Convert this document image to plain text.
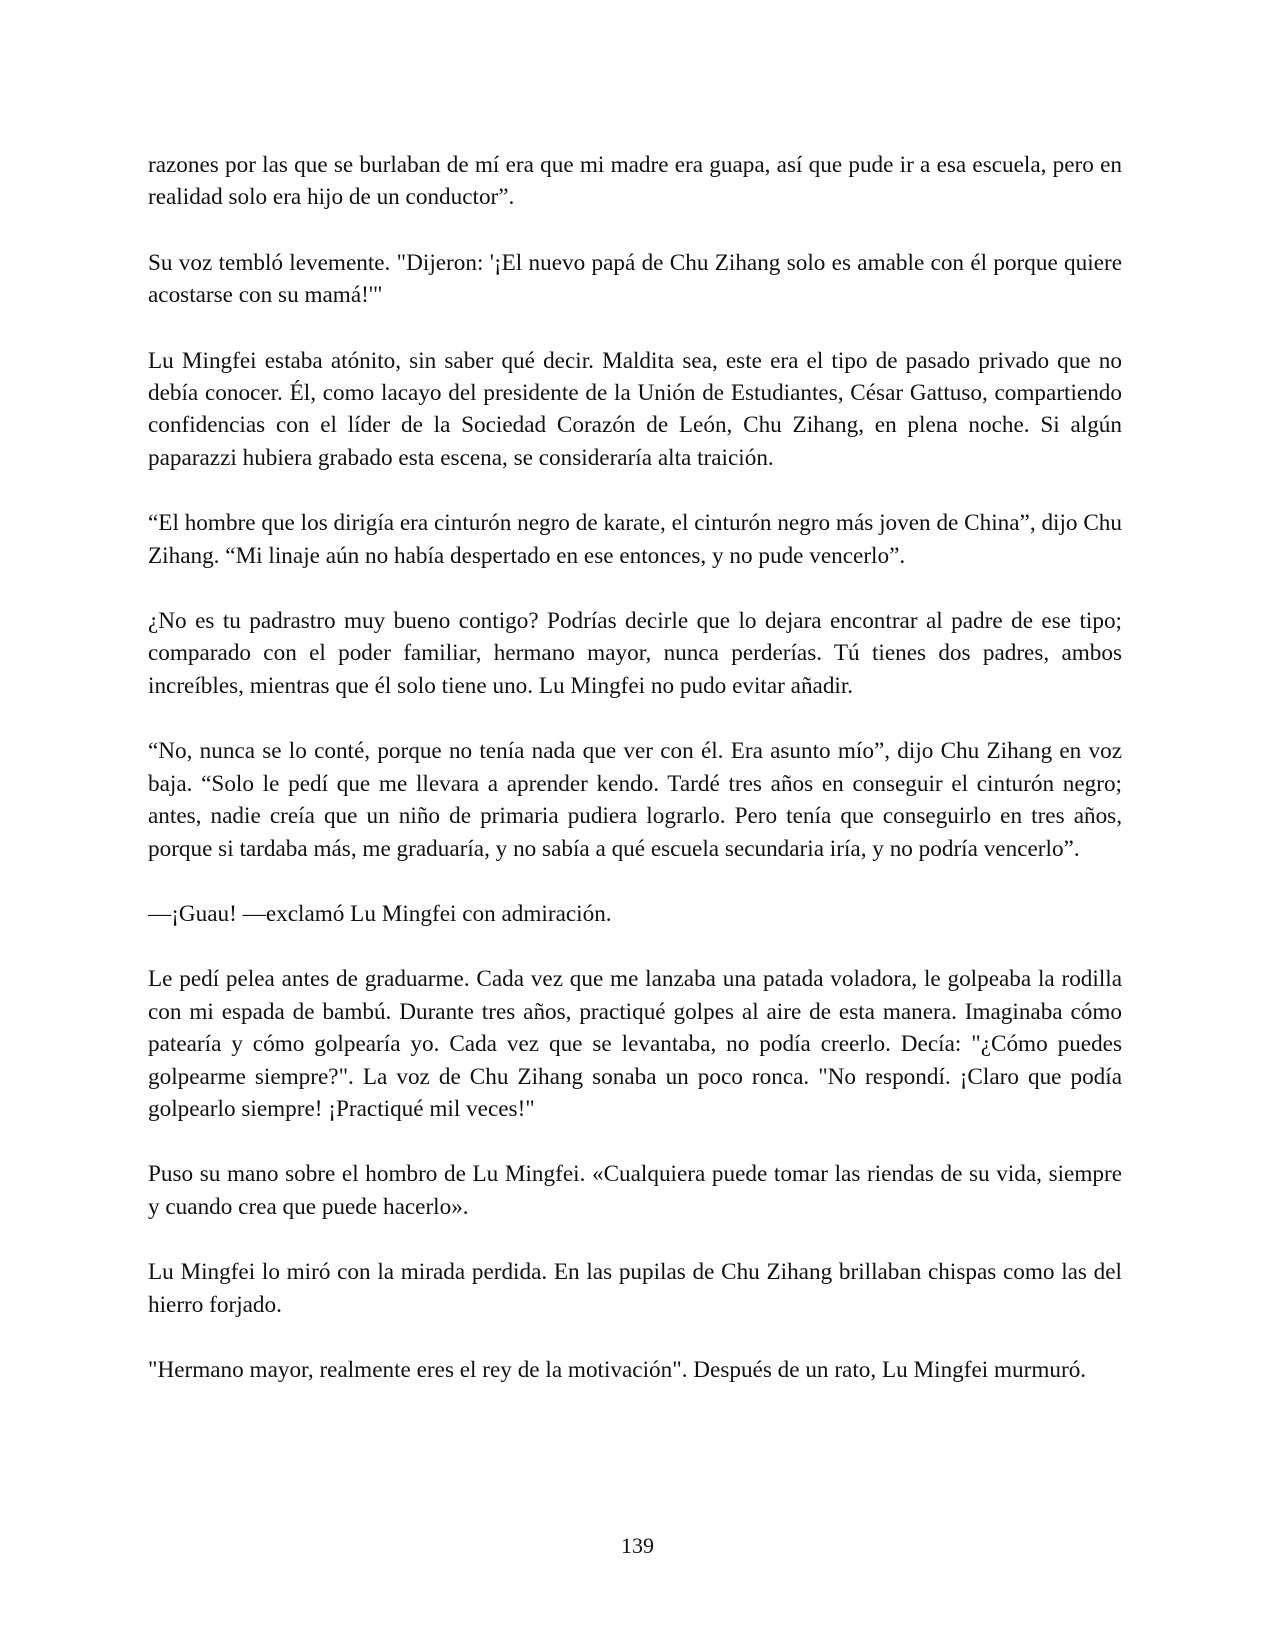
razones por las que se burlaban de mí era que mi madre era guapa, así que pude ir a esa escuela, pero en realidad solo era hijo de un conductor”.

Su voz tembló levemente. "Dijeron: '¡El nuevo papá de Chu Zihang solo es amable con él porque quiere acostarse con su mamá!'"

Lu Mingfei estaba atónito, sin saber qué decir. Maldita sea, este era el tipo de pasado privado que no debía conocer. Él, como lacayo del presidente de la Unión de Estudiantes, César Gattuso, compartiendo confidencias con el líder de la Sociedad Corazón de León, Chu Zihang, en plena noche. Si algún paparazzi hubiera grabado esta escena, se consideraría alta traición.

“El hombre que los dirigía era cinturón negro de karate, el cinturón negro más joven de China”, dijo Chu Zihang. “Mi linaje aún no había despertado en ese entonces, y no pude vencerlo”.

¿No es tu padrastro muy bueno contigo? Podrías decirle que lo dejara encontrar al padre de ese tipo; comparado con el poder familiar, hermano mayor, nunca perderías. Tú tienes dos padres, ambos increíbles, mientras que él solo tiene uno. Lu Mingfei no pudo evitar añadir.

“No, nunca se lo conté, porque no tenía nada que ver con él. Era asunto mío”, dijo Chu Zihang en voz baja. “Solo le pedí que me llevara a aprender kendo. Tardé tres años en conseguir el cinturón negro; antes, nadie creía que un niño de primaria pudiera lograrlo. Pero tenía que conseguirlo en tres años, porque si tardaba más, me graduaría, y no sabía a qué escuela secundaria iría, y no podría vencerlo”.

—¡Guau! —exclamó Lu Mingfei con admiración.

Le pedí pelea antes de graduarme. Cada vez que me lanzaba una patada voladora, le golpeaba la rodilla con mi espada de bambú. Durante tres años, practiqué golpes al aire de esta manera. Imaginaba cómo patearía y cómo golpearía yo. Cada vez que se levantaba, no podía creerlo. Decía: "¿Cómo puedes golpearme siempre?". La voz de Chu Zihang sonaba un poco ronca. "No respondí. ¡Claro que podía golpearlo siempre! ¡Practiqué mil veces!"

Puso su mano sobre el hombro de Lu Mingfei. «Cualquiera puede tomar las riendas de su vida, siempre y cuando crea que puede hacerlo».

Lu Mingfei lo miró con la mirada perdida. En las pupilas de Chu Zihang brillaban chispas como las del hierro forjado.

"Hermano mayor, realmente eres el rey de la motivación". Después de un rato, Lu Mingfei murmuró.

139
